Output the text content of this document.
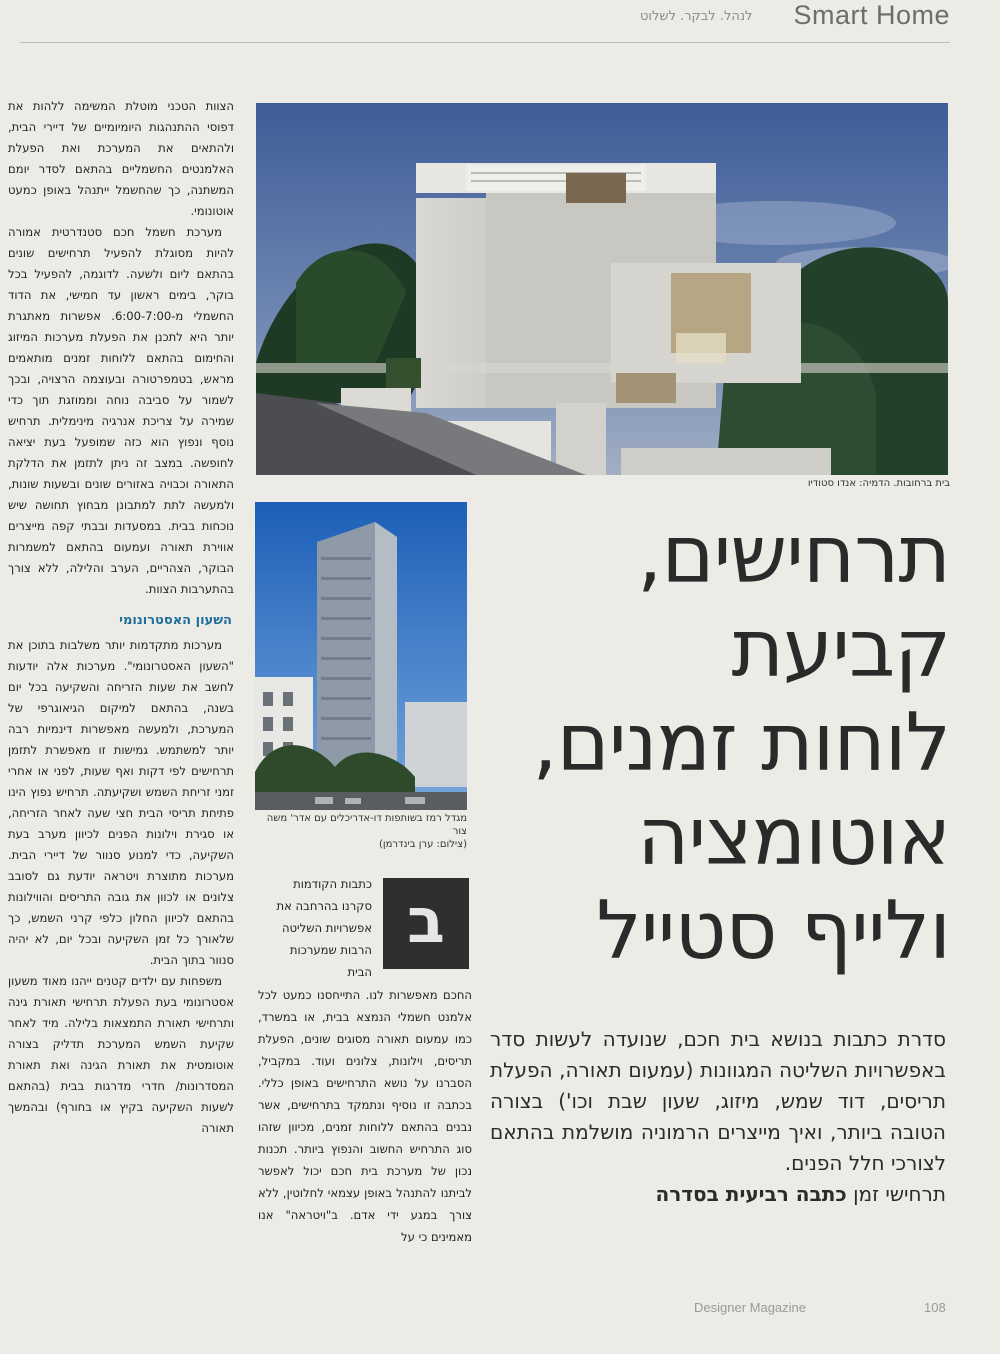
Smart Home
לנהל. לבקר. לשלוט
בית ברחובות. הדמיה: אנדו סטודיו
מגדל רמז בשותפות דו-אדריכלים עם אדר' משה צור
(צילום: ערן בינדרמן)

הצוות הטכני מוטלת המשימה ללהות את דפוסי ההתנהגות היומיומיים של דיירי הבית, ולהתאים את המערכת ואת הפעלת האלמנטים החשמליים בהתאם לסדר יומם המשתנה, כך שהחשמל ייתנהל באופן כמעט אוטונומי.

מערכת חשמל חכם סטנדרטית אמורה להיות מסוגלת להפעיל תרחישים שונים בהתאם ליום ולשעה. לדוגמה, להפעיל בכל בוקר, בימים ראשון עד חמישי, את הדוד החשמלי מ-6:00-7:00. אפשרות מאתגרת יותר היא לתכנן את הפעלת מערכות המיזוג והחימום בהתאם ללוחות זמנים מותאמים מראש, בטמפרטורה ובעוצמה הרצויה, ובכך לשמור על סביבה נוחה וממוזגת תוך כדי שמירה על צריכת אנרגיה מינימלית. תרחיש נוסף ונפוץ הוא כזה שמופעל בעת יציאה לחופשה. במצב זה ניתן לתזמן את הדלקת התאורה וכבויה באזורים שונים ובשעות שונות, ולמעשה לתת למתבונן מבחוץ תחושה שיש נוכחות בבית. במסעדות ובבתי קפה מייצרים אווירת תאורה ועמעום בהתאם למשמרות הבוקר, הצהריים, הערב והלילה, ללא צורך בהתערבות הצוות.

השעון האסטרונומי

מערכות מתקדמות יותר משלבות בתוכן את "השעון האסטרונומי". מערכות אלה יודעות לחשב את שעות הזריחה והשקיעה בכל יום בשנה, בהתאם למיקום הגיאוגרפי של המערכת, ולמעשה מאפשרות דינמיות רבה יותר למשתמש. גמישות זו מאפשרת לתזמן תרחישים לפי דקות ואף שעות, לפני או אחרי זמני זריחת השמש ושקיעתה. תרחיש נפוץ הינו פתיחת תריסי הבית חצי שעה לאחר הזריחה, או סגירת וילונות הפנים לכיוון מערב בעת השקיעה, כדי למנוע סנוור של דיירי הבית. מערכות מתוצרת ויטראה יודעת גם לסובב צלונים או לכוון את גובה התריסים והווילונות בהתאם לכיוון החלון כלפי קרני השמש, כך שלאורך כל זמן השקיעה ובכל יום, לא יהיה סנוור בתוך הבית.

משפחות עם ילדים קטנים ייהנו מאוד משעון אסטרונומי בעת הפעלת תרחישי תאורת גינה ותרחישי תאורת התמצאות בלילה. מיד לאחר שקיעת השמש המערכת תדליק בצורה אוטומטית את תאורת הגינה ואת תאורת המסדרונות/ חדרי מדרגות בבית (בהתאם לשעות השקיעה בקיץ או בחורף) ובהמשך תאורה

ב

כתבות הקודמות סקרנו בהרחבה את אפשרויות השליטה הרבות שמערכות הבית

החכם מאפשרות לנו. התייחסנו כמעט לכל אלמנט חשמלי הנמצא בבית, או במשרד, כמו עמעום תאורה מסוגים שונים, הפעלת תריסים, וילונות, צלונים ועוד. במקביל, הסברנו על נושא התרחישים באופן כללי. בכתבה זו נוסיף ונתמקד בתרחישים, אשר נבנים בהתאם ללוחות זמנים, מכיוון שזהו סוג התרחיש החשוב והנפוץ ביותר. תכנות נכון של מערכת בית חכם יכול לאפשר לביתנו להתנהל באופן עצמאי לחלוטין, ללא צורך במגע ידי אדם. ב"ויטראה" אנו מאמינים כי על

תרחישים,
קביעת
לוחות זמנים,
אוטומציה
ולייף סטייל

סדרת כתבות בנושא בית חכם, שנועדה לעשות סדר באפשרויות השליטה המגוונות (עמעום תאורה, הפעלת תריסים, דוד שמש, מיזוג, שעון שבת וכו') בצורה הטובה ביותר, ואיך מייצרים הרמוניה מושלמת בהתאם לצורכי חלל הפנים.

תרחישי זמן כתבה רביעית בסדרה

Designer Magazine	108
